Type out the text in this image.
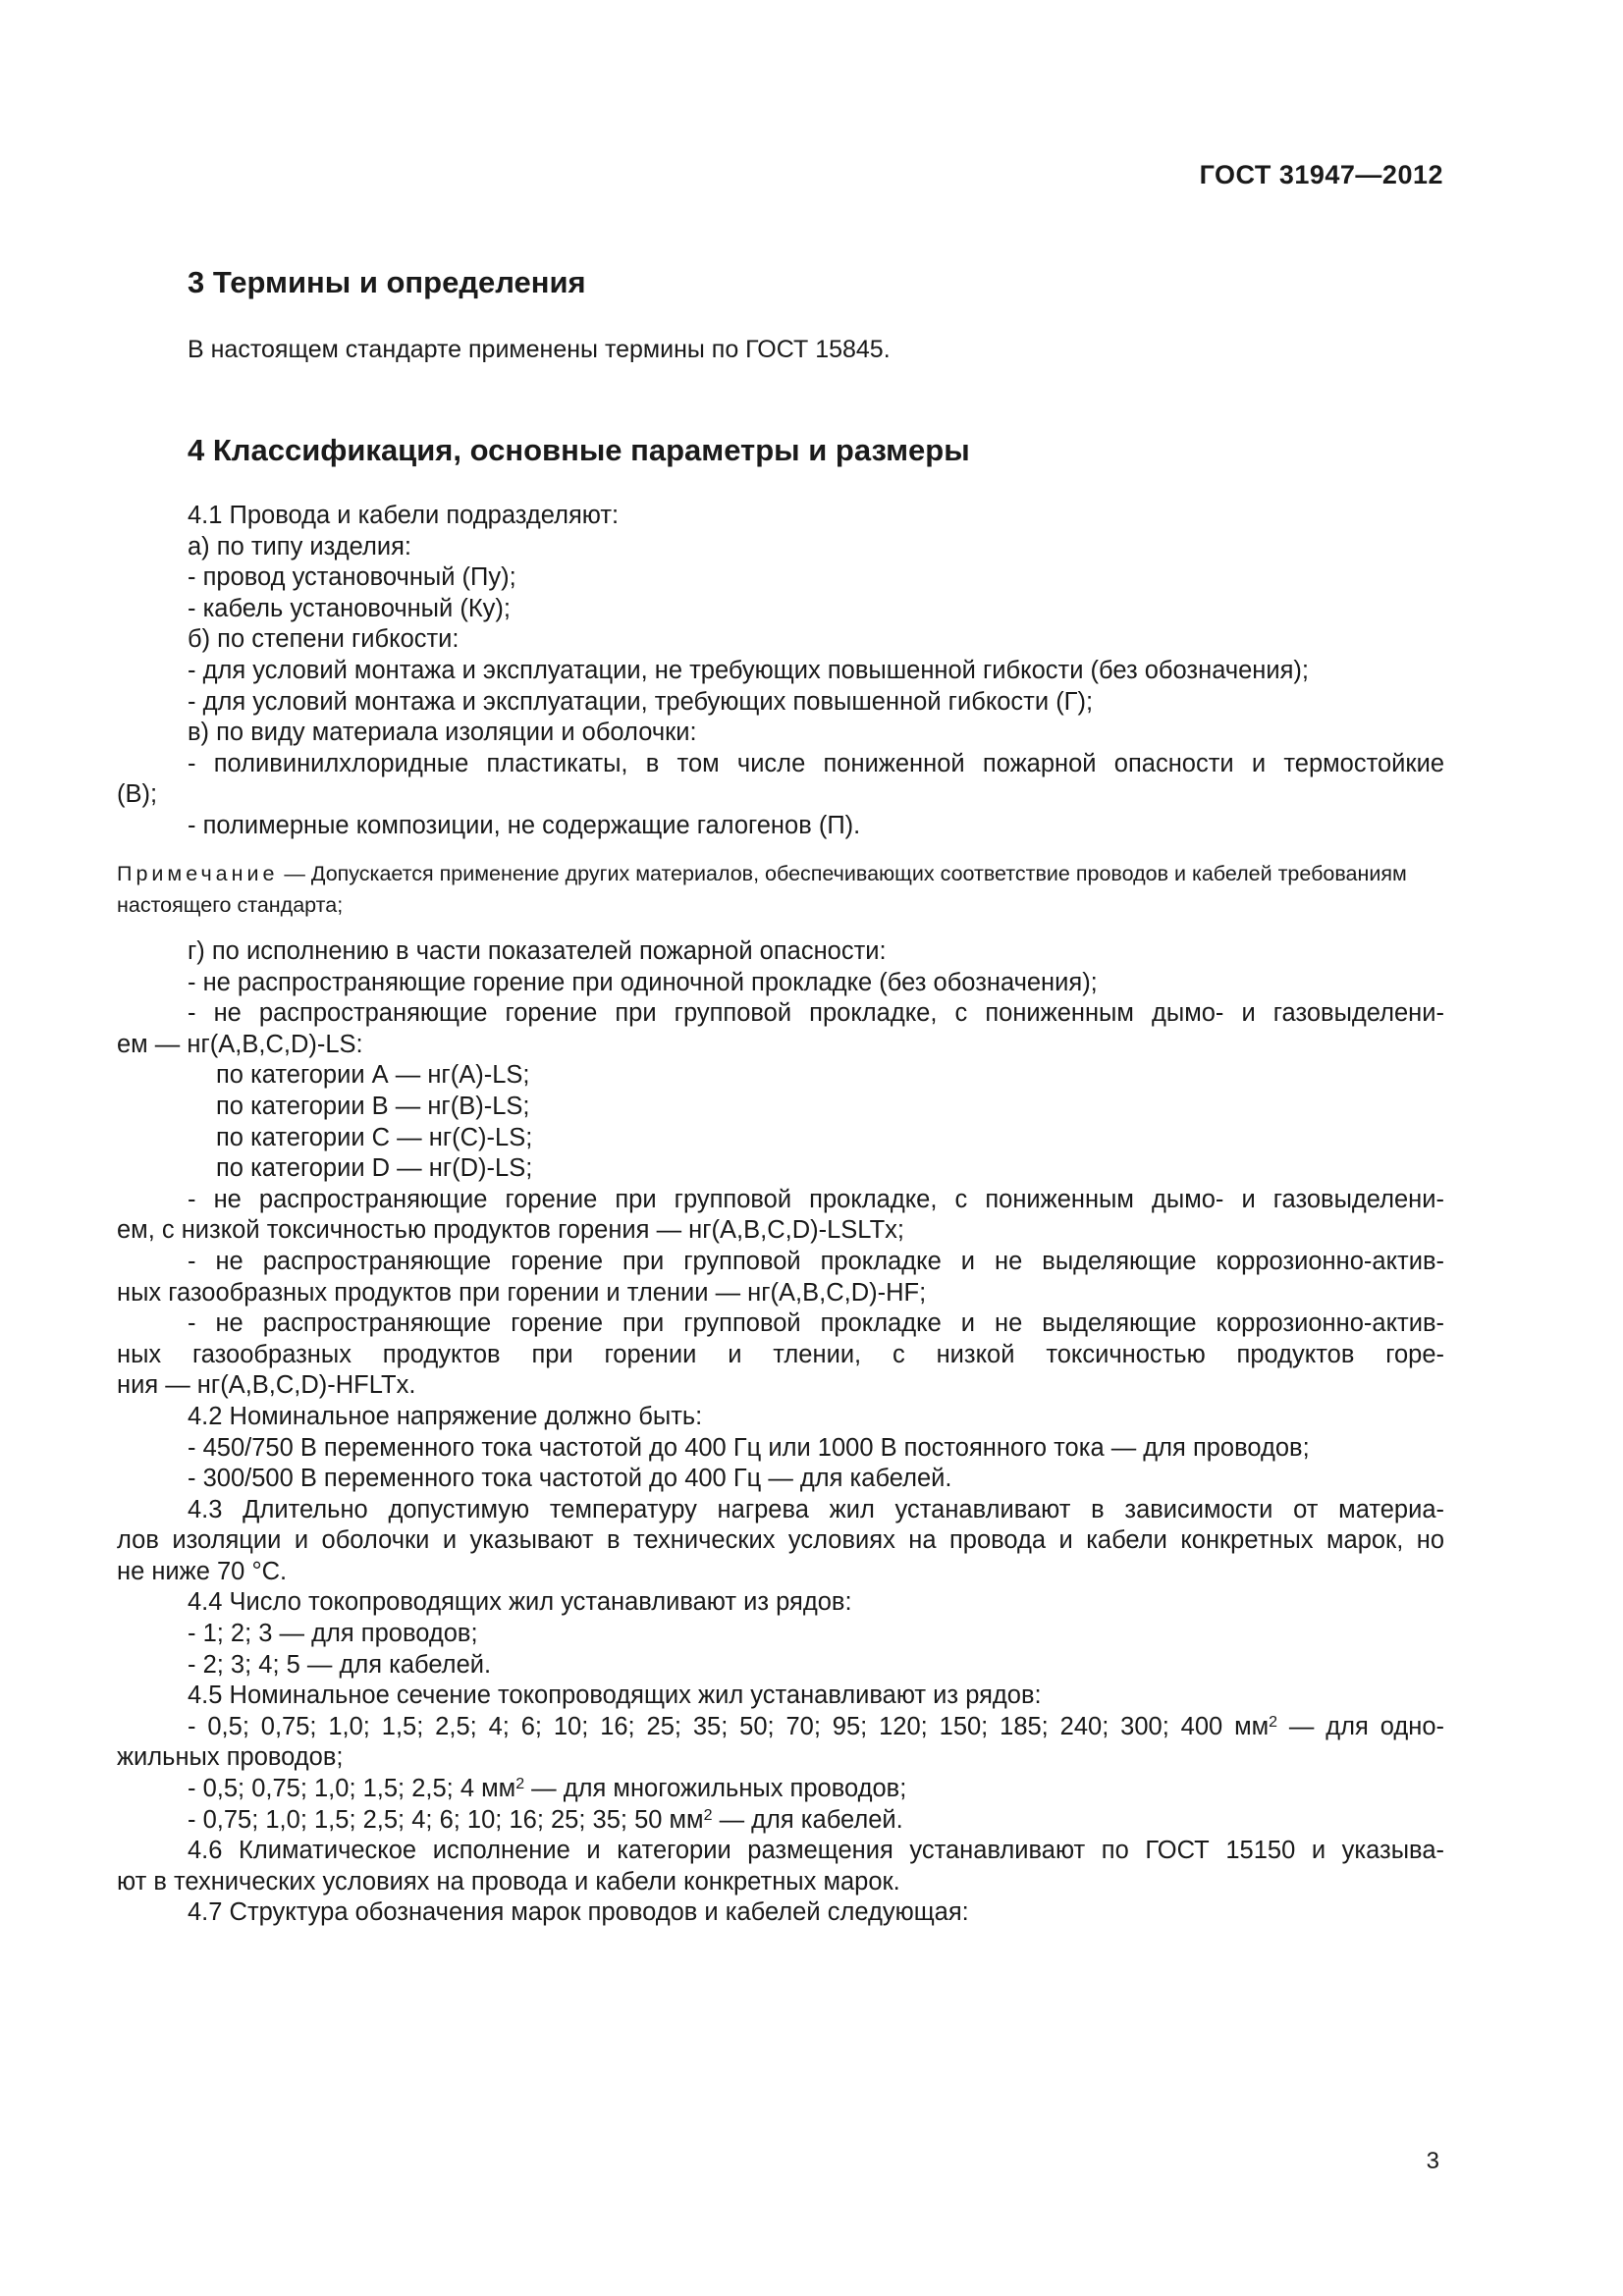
ГОСТ 31947—2012
3 Термины и определения
В настоящем стандарте применены термины по ГОСТ 15845.
4 Классификация, основные параметры и размеры
4.1 Провода и кабели подразделяют:
а) по типу изделия:
- провод установочный (Пу);
- кабель установочный (Ку);
б) по степени гибкости:
- для условий монтажа и эксплуатации, не требующих повышенной гибкости (без обозначения);
- для условий монтажа и эксплуатации, требующих повышенной гибкости (Г);
в) по виду материала изоляции и оболочки:
- поливинилхлоридные пластикаты, в том числе пониженной пожарной опасности и термостойкие
(В);
- полимерные композиции, не содержащие галогенов (П).
Примечание — Допускается применение других материалов, обеспечивающих соответствие проводов и кабелей требованиям настоящего стандарта;
г) по исполнению в части показателей пожарной опасности:
- не распространяющие горение при одиночной прокладке (без обозначения);
- не распространяющие горение при групповой прокладке, с пониженным дымо- и газовыделени-
ем — нг(A,B,C,D)-LS:
по категории А — нг(А)-LS;
по категории В — нг(В)-LS;
по категории С — нг(С)-LS;
по категории D — нг(D)-LS;
- не распространяющие горение при групповой прокладке, с пониженным дымо- и газовыделени-
ем, с низкой токсичностью продуктов горения — нг(A,B,C,D)-LSLTx;
- не распространяющие горение при групповой прокладке и не выделяющие коррозионно-актив-
ных газообразных продуктов при горении и тлении — нг(A,B,C,D)-HF;
- не распространяющие горение при групповой прокладке и не выделяющие коррозионно-актив-
ных газообразных продуктов при горении и тлении, с низкой токсичностью продуктов горе-
ния — нг(A,B,C,D)-HFLTx.
4.2 Номинальное напряжение должно быть:
- 450/750 В переменного тока частотой до 400 Гц или 1000 В постоянного тока — для проводов;
- 300/500 В переменного тока частотой до 400 Гц — для кабелей.
4.3 Длительно допустимую температуру нагрева жил устанавливают в зависимости от материа-
лов изоляции и оболочки и указывают в технических условиях на провода и кабели конкретных марок, но
не ниже 70 °С.
4.4 Число токопроводящих жил устанавливают из рядов:
- 1; 2; 3 — для проводов;
- 2; 3; 4; 5 — для кабелей.
4.5 Номинальное сечение токопроводящих жил устанавливают из рядов:
- 0,5; 0,75; 1,0; 1,5; 2,5; 4; 6; 10; 16; 25; 35; 50; 70; 95; 120; 150; 185; 240; 300; 400 $мм^2$ — для одно-
жильных проводов;
- 0,5; 0,75; 1,0; 1,5; 2,5; 4 $мм^2$ — для многожильных проводов;
- 0,75; 1,0; 1,5; 2,5; 4; 6; 10; 16; 25; 35; 50 $мм^2$ — для кабелей.
4.6 Климатическое исполнение и категории размещения устанавливают по ГОСТ 15150 и указыва-
ют в технических условиях на провода и кабели конкретных марок.
4.7 Структура обозначения марок проводов и кабелей следующая:
3
